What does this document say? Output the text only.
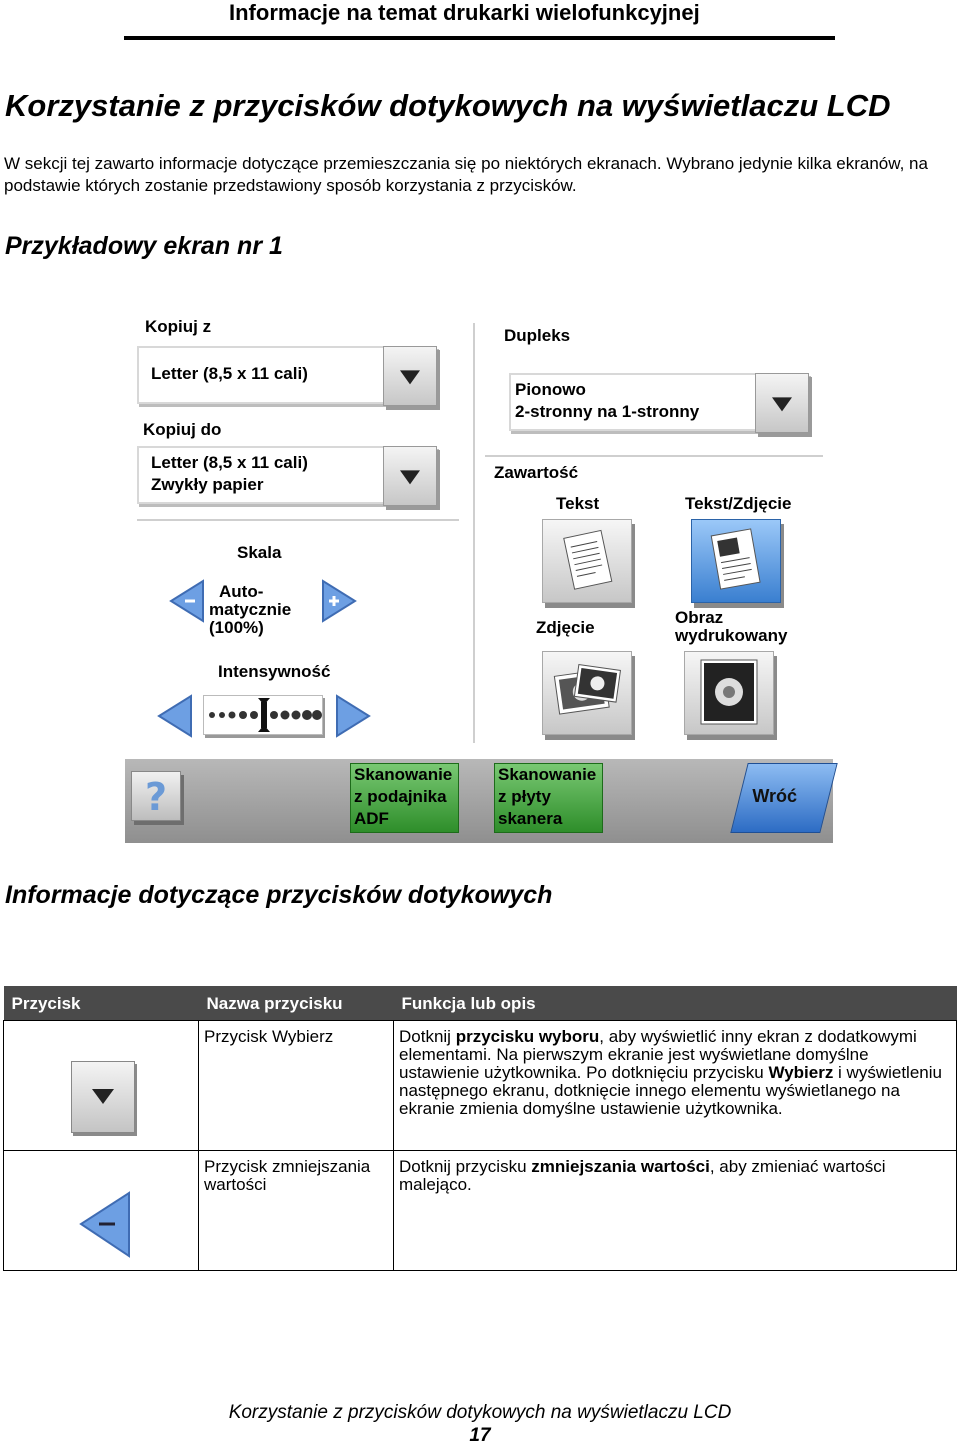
Informacje na temat drukarki wielofunkcyjnej
Korzystanie z przycisków dotykowych na wyświetlaczu LCD
W sekcji tej zawarto informacje dotyczące przemieszczania się po niektórych ekranach. Wybrano jedynie kilka ekranów, na podstawie których zostanie przedstawiony sposób korzystania z przycisków.
Przykładowy ekran nr 1
Kopiuj z
Letter (8,5 x 11 cali)
Kopiuj do
Letter (8,5 x 11 cali)
Zwykły papier
Dupleks
Pionowo
2-stronny na 1-stronny
Zawartość
Tekst	Tekst/Zdjęcie
Zdjęcie
Obraz
wydrukowany
Skala
Auto-
matycznie
(100%)
Intensywność
?
Skanowanie
z podajnika
ADF
Skanowanie
z płyty
skanera
Wróć
Informacje dotyczące przycisków dotykowych
Przycisk	Nazwa przycisku	Funkcja lub opis

	Przycisk Wybierz	Dotknij przycisku wyboru, aby wyświetlić inny ekran z dodatkowymi elementami. Na pierwszym ekranie jest wyświetlane domyślne ustawienie użytkownika. Po dotknięciu przycisku Wybierz i wyświetleniu następnego ekranu, dotknięcie innego elementu wyświetlanego na ekranie zmienia domyślne ustawienie użytkownika.

	Przycisk zmniejszania wartości	Dotknij przycisku zmniejszania wartości, aby zmieniać wartości malejąco.
Korzystanie z przycisków dotykowych na wyświetlaczu LCD
17
